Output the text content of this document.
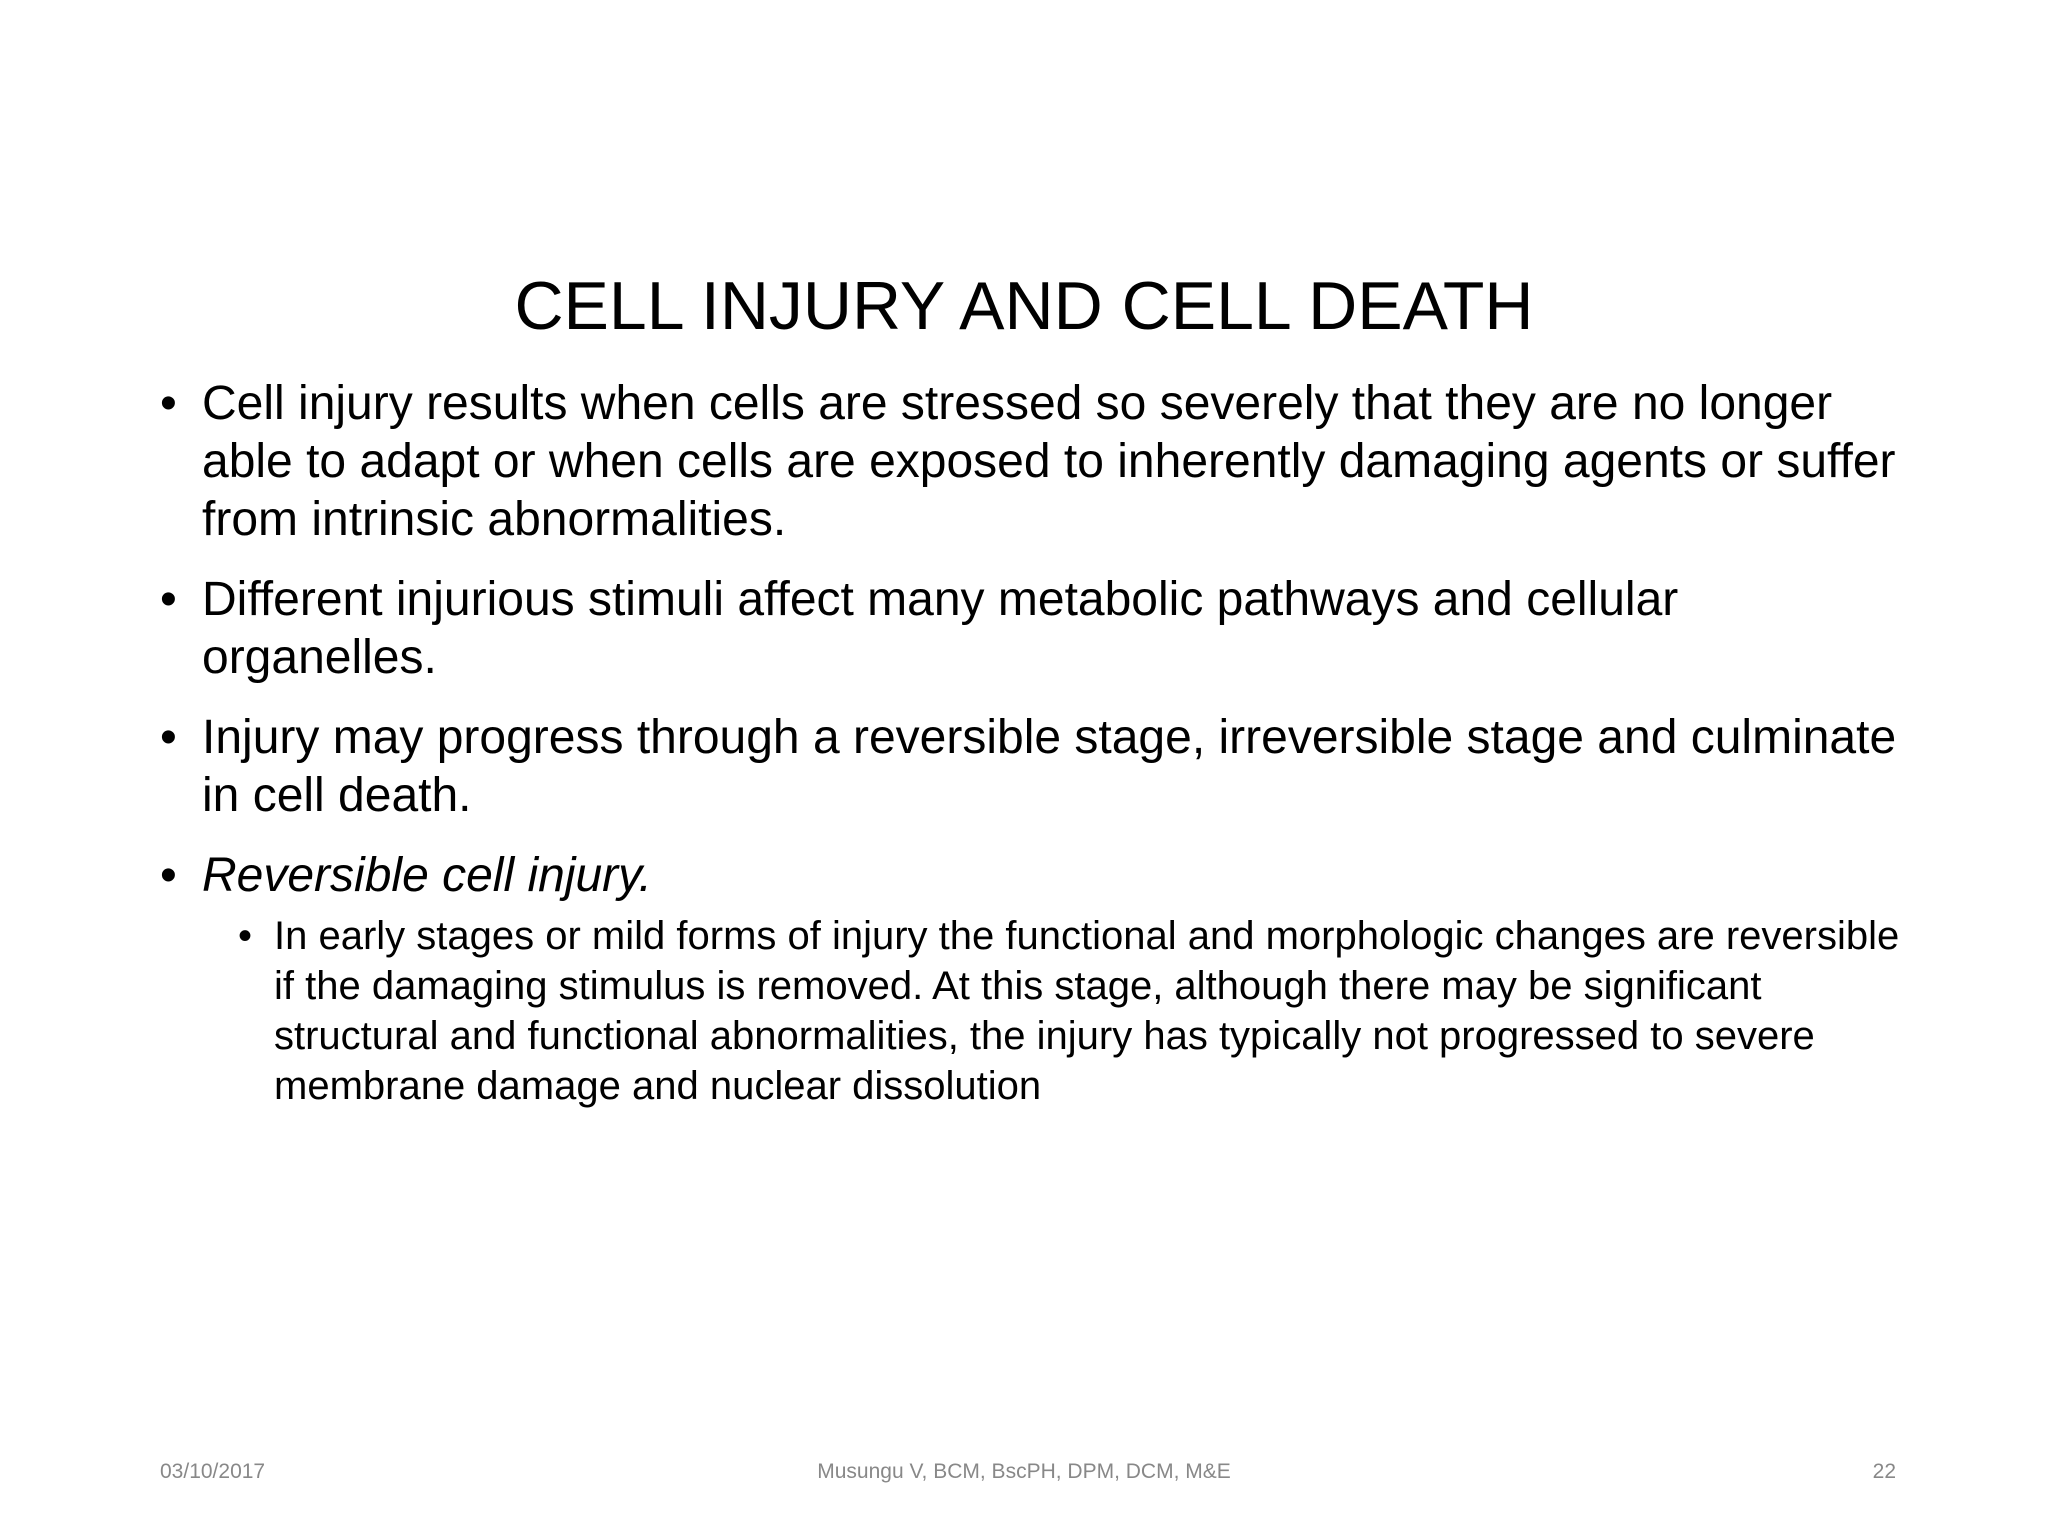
CELL INJURY AND CELL DEATH
• Cell injury results when cells are stressed so severely that they are no longer able to adapt or when cells are exposed to inherently damaging agents or suffer from intrinsic abnormalities.
• Different injurious stimuli affect many metabolic pathways and cellular organelles.
• Injury may progress through a reversible stage, irreversible stage and culminate in cell death.
• Reversible cell injury.
• In early stages or mild forms of injury the functional and morphologic changes are reversible if the damaging stimulus is removed. At this stage, although there may be significant structural and functional abnormalities, the injury has typically not progressed to severe membrane damage and nuclear dissolution
03/10/2017	Musungu V, BCM, BscPH, DPM, DCM, M&E	22
